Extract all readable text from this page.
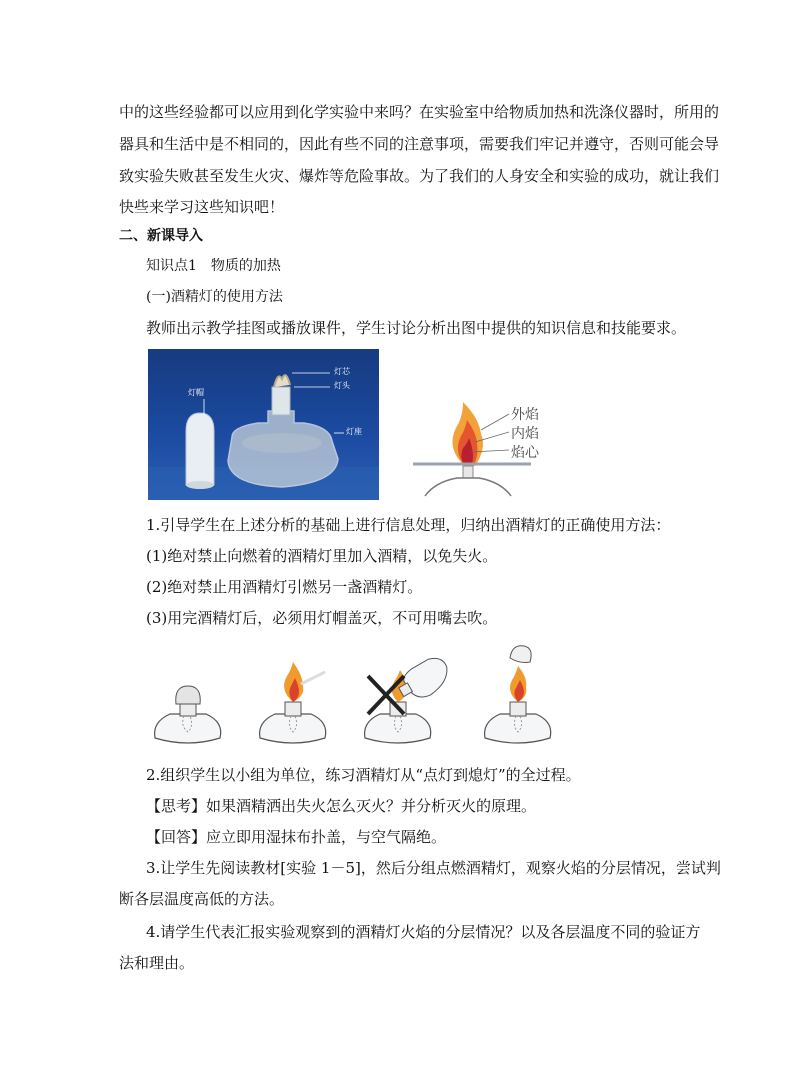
中的这些经验都可以应用到化学实验中来吗？在实验室中给物质加热和洗涤仪器时，所用的
器具和生活中是不相同的，因此有些不同的注意事项，需要我们牢记并遵守，否则可能会导
致实验失败甚至发生火灾、爆炸等危险事故。为了我们的人身安全和实验的成功，就让我们
快些来学习这些知识吧！
二、新课导入
知识点1　物质的加热
(一)酒精灯的使用方法
教师出示教学挂图或播放课件，学生讨论分析出图中提供的知识信息和技能要求。
灯芯
灯头
灯帽
灯座
外焰
内焰
焰心
1.引导学生在上述分析的基础上进行信息处理，归纳出酒精灯的正确使用方法：
(1)绝对禁止向燃着的酒精灯里加入酒精，以免失火。
(2)绝对禁止用酒精灯引燃另一盏酒精灯。
(3)用完酒精灯后，必须用灯帽盖灭，不可用嘴去吹。
2.组织学生以小组为单位，练习酒精灯从“点灯到熄灯”的全过程。
【思考】如果酒精洒出失火怎么灭火？并分析灭火的原理。
【回答】应立即用湿抹布扑盖，与空气隔绝。
3.让学生先阅读教材[实验 1－5]，然后分组点燃酒精灯，观察火焰的分层情况，尝试判
断各层温度高低的方法。
4.请学生代表汇报实验观察到的酒精灯火焰的分层情况？以及各层温度不同的验证方
法和理由。
